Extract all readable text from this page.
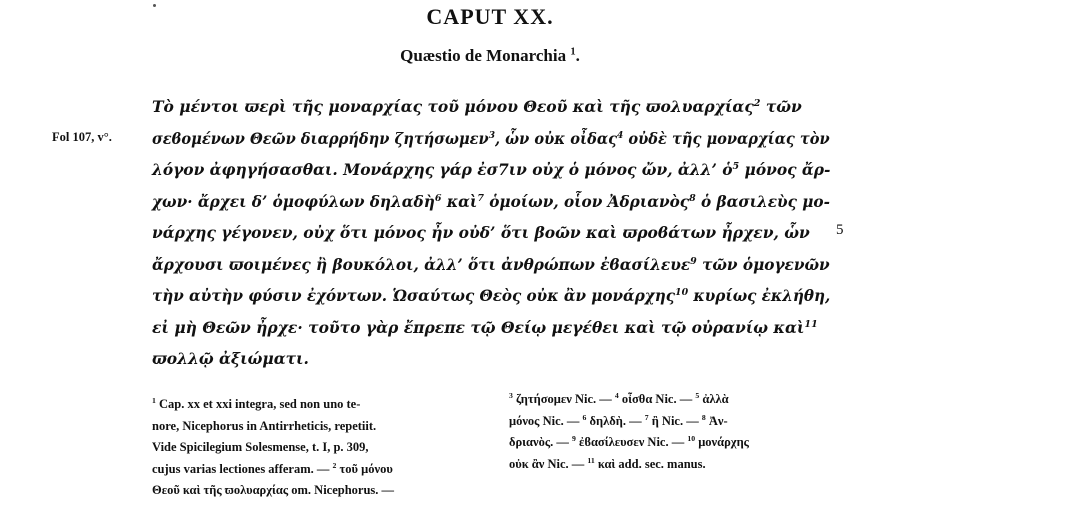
CAPUT XX.
Quæstio de Monarchia $^1$.
Fol 107, v°.
5
Τὸ μέντοι ϖερὶ τῆς μοναρχίας τοῦ μόνου Θεοῦ καὶ τῆς ϖολυαρχίας$^2$ τῶν
σεϐομένων Θεῶν διαρρήδην ζητήσωμεν$^3$, ὧν οὐκ οἶδας$^4$ οὐδὲ τῆς μοναρχίας τὸν
λόγον ἀφηγήσασθαι. Μονάρχης γάρ ἐσ7ιν οὐχ ὁ μόνος ὤν, ἀλλ’ ὁ$^5$ μόνος ἄρ-
χων· ἄρχει δ’ ὁμοφύλων δηλαδὴ$^6$ καὶ$^7$ ὁμοίων, οἷον Ἀδριανὸς$^8$ ὁ βασιλεὺς μο-
νάρχης γέγονεν, οὐχ ὅτι μόνος ἦν οὐδ’ ὅτι βοῶν καὶ ϖροϐάτων ἦρχεν, ὧν
ἄρχουσι ϖοιμένες ἢ βουκόλοι, ἀλλ’ ὅτι ἀνθρώπων ἐϐασίλευε$^9$ τῶν ὁμογενῶν
τὴν αὐτὴν φύσιν ἐχόντων. Ὡσαύτως Θεὸς οὐκ ἂν μονάρχης$^{10}$ κυρίως ἐκλήθη,
εἰ μὴ Θεῶν ἦρχε· τοῦτο γὰρ ἔπρεπε τῷ Θείῳ μεγέθει καὶ τῷ οὐρανίῳ καὶ$^{11}$
ϖολλῷ ἀξιώματι.
$^1$ Cap. xx et xxi integra, sed non uno te-
nore, Nicephorus in Antirrheticis, repetiit.
Vide Spicilegium Solesmense, t. I, p. 309,
cujus varias lectiones afferam. — $^2$ τοῦ μόνου
Θεοῦ καὶ τῆς ϖολυαρχίας om. Nicephorus. —
$^3$ ζητήσομεν Nic. — $^4$ οἶσθα Nic. — $^5$ ἀλλὰ
μόνος Nic. — $^6$ δηλδὴ. — $^7$ ἢ Nic. — $^8$ Ἀν-
δριανὸς. — $^9$ ἐϐασίλευσεν Nic. — $^{10}$ μονάρχης
οὐκ ἂν Nic. — $^{11}$ καὶ add. sec. manus.
